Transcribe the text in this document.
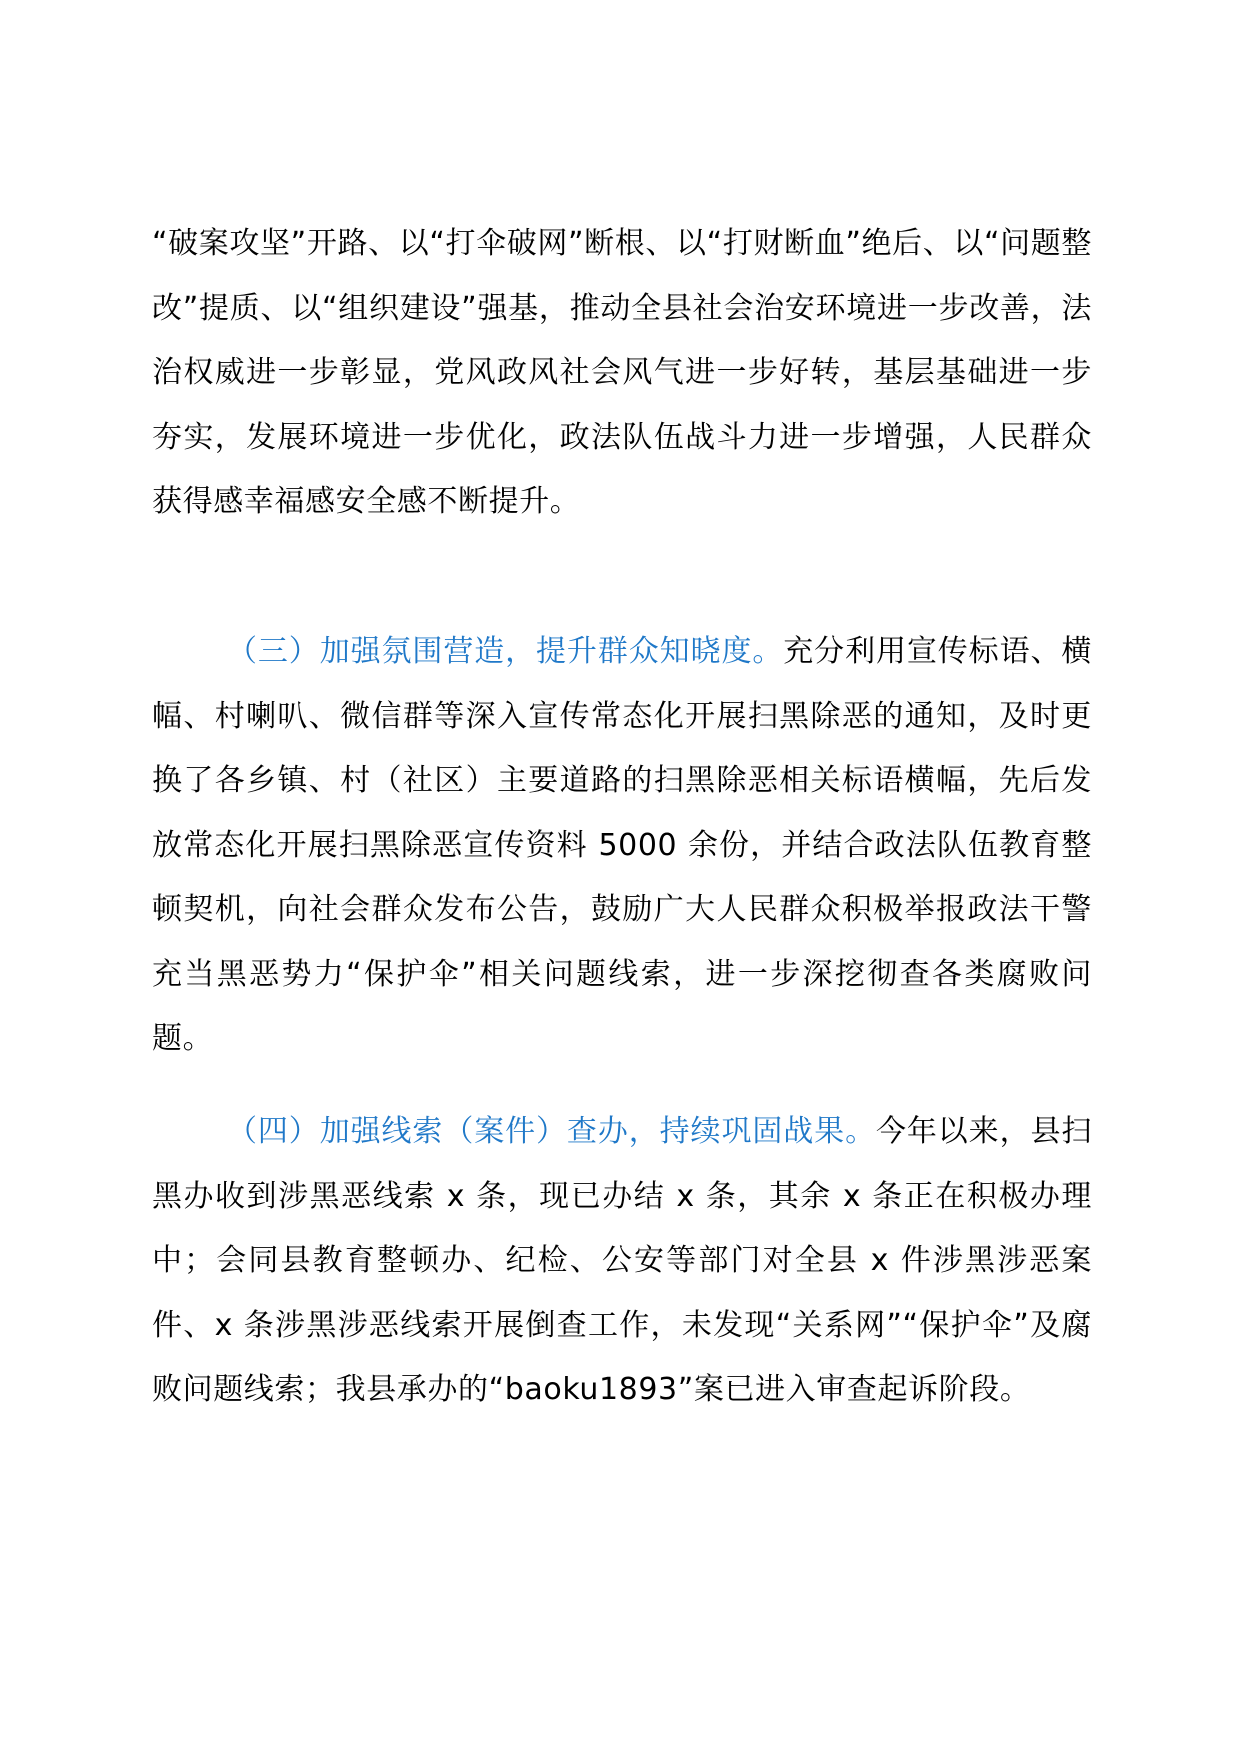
“破案攻坚”开路、以“打伞破网”断根、以“打财断血”绝后、以“问题整改”提质、以“组织建设”强基，推动全县社会治安环境进一步改善，法治权威进一步彰显，党风政风社会风气进一步好转，基层基础进一步夯实，发展环境进一步优化，政法队伍战斗力进一步增强，人民群众获得感幸福感安全感不断提升。

（三）加强氛围营造，提升群众知晓度。充分利用宣传标语、横幅、村喇叭、微信群等深入宣传常态化开展扫黑除恶的通知，及时更换了各乡镇、村（社区）主要道路的扫黑除恶相关标语横幅，先后发放常态化开展扫黑除恶宣传资料 5000 余份，并结合政法队伍教育整顿契机，向社会群众发布公告，鼓励广大人民群众积极举报政法干警充当黑恶势力“保护伞”相关问题线索，进一步深挖彻查各类腐败问题。

（四）加强线索（案件）查办，持续巩固战果。今年以来，县扫黑办收到涉黑恶线索 x 条，现已办结 x 条，其余 x 条正在积极办理中；会同县教育整顿办、纪检、公安等部门对全县 x 件涉黑涉恶案件、x 条涉黑涉恶线索开展倒查工作，未发现“关系网”“保护伞”及腐败问题线索；我县承办的“baoku1893”案已进入审查起诉阶段。
